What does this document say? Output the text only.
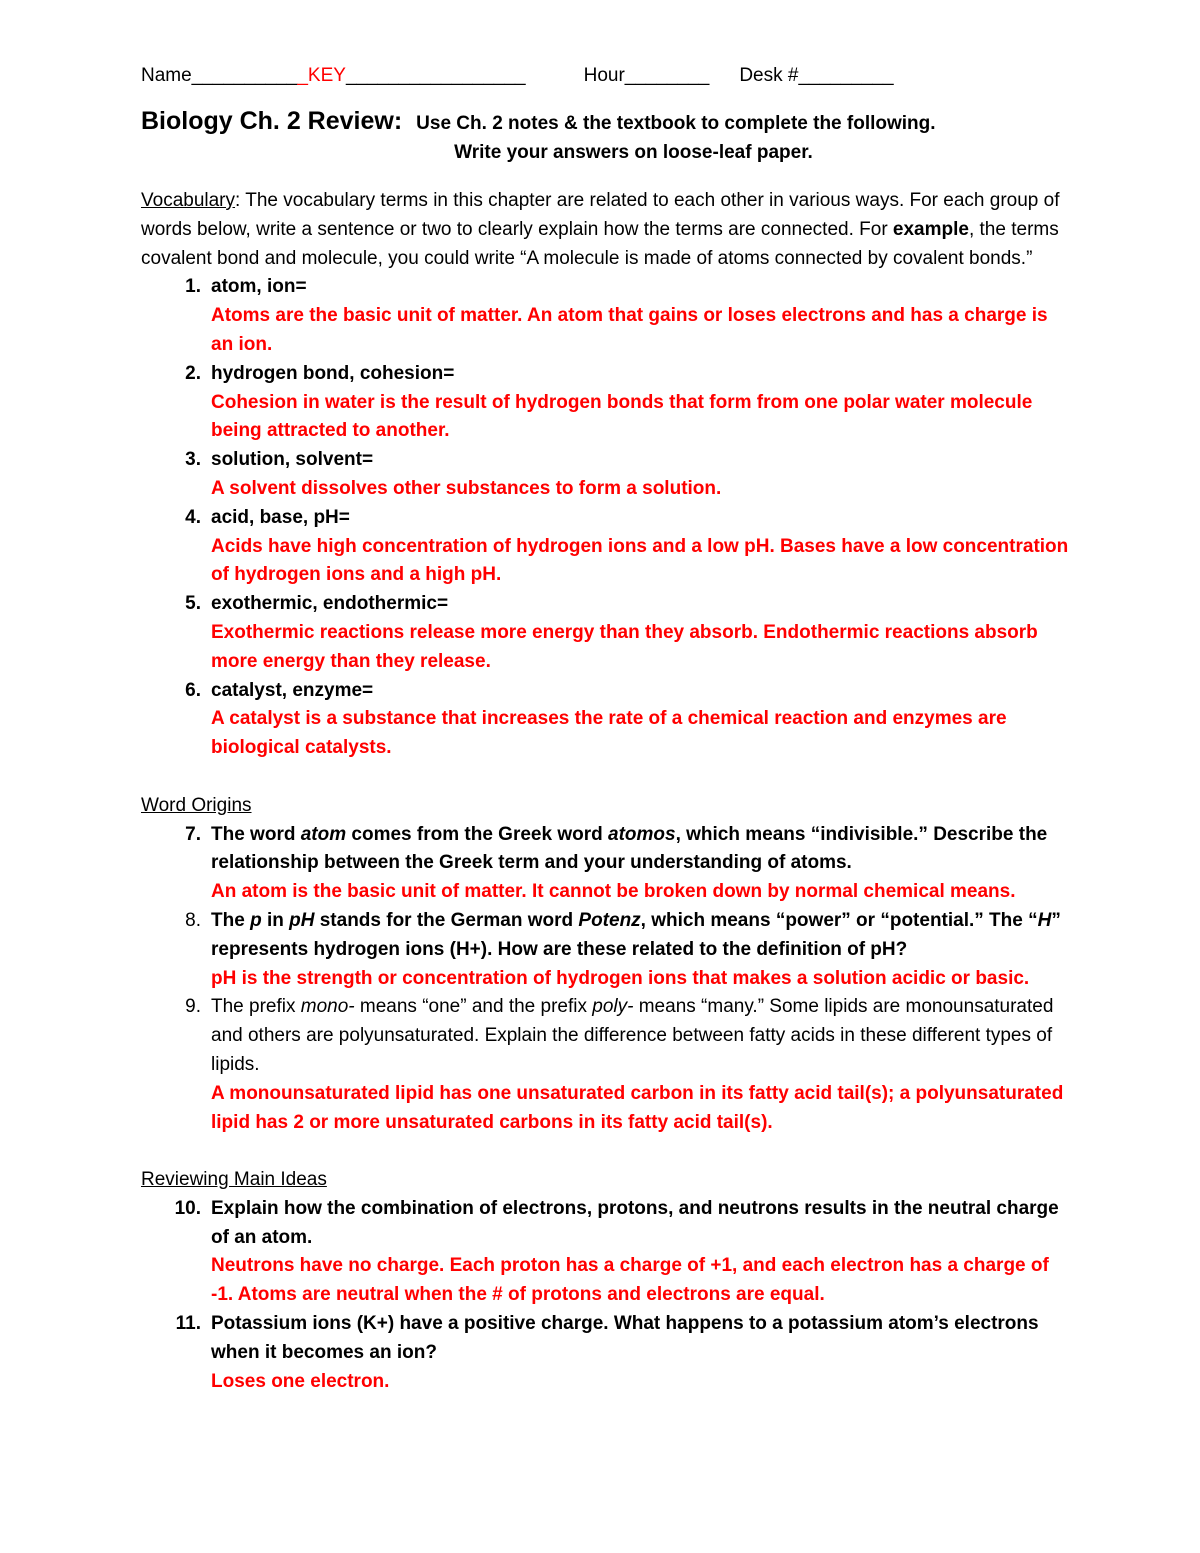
Name___________KEY_________________	Hour________ Desk #_________
Biology Ch. 2 Review: Use Ch. 2 notes & the textbook to complete the following.
Write your answers on loose-leaf paper.
Vocabulary: The vocabulary terms in this chapter are related to each other in various ways. For each group of words below, write a sentence or two to clearly explain how the terms are connected. For example, the terms covalent bond and molecule, you could write “A molecule is made of atoms connected by covalent bonds.”
1. atom, ion=
Atoms are the basic unit of matter. An atom that gains or loses electrons and has a charge is an ion.
2. hydrogen bond, cohesion=
Cohesion in water is the result of hydrogen bonds that form from one polar water molecule being attracted to another.
3. solution, solvent=
A solvent dissolves other substances to form a solution.
4. acid, base, pH=
Acids have high concentration of hydrogen ions and a low pH. Bases have a low concentration of hydrogen ions and a high pH.
5. exothermic, endothermic=
Exothermic reactions release more energy than they absorb. Endothermic reactions absorb more energy than they release.
6. catalyst, enzyme=
A catalyst is a substance that increases the rate of a chemical reaction and enzymes are biological catalysts.
Word Origins
7. The word atom comes from the Greek word atomos, which means “indivisible.” Describe the relationship between the Greek term and your understanding of atoms.
An atom is the basic unit of matter. It cannot be broken down by normal chemical means.
8. The p in pH stands for the German word Potenz, which means “power” or “potential.” The “H” represents hydrogen ions (H+). How are these related to the definition of pH?
pH is the strength or concentration of hydrogen ions that makes a solution acidic or basic.
9. The prefix mono- means “one” and the prefix poly- means “many.” Some lipids are monounsaturated and others are polyunsaturated. Explain the difference between fatty acids in these different types of lipids.
A monounsaturated lipid has one unsaturated carbon in its fatty acid tail(s); a polyunsaturated lipid has 2 or more unsaturated carbons in its fatty acid tail(s).
Reviewing Main Ideas
10. Explain how the combination of electrons, protons, and neutrons results in the neutral charge of an atom.
Neutrons have no charge. Each proton has a charge of +1, and each electron has a charge of -1. Atoms are neutral when the # of protons and electrons are equal.
11. Potassium ions (K+) have a positive charge. What happens to a potassium atom’s electrons when it becomes an ion?
Loses one electron.
